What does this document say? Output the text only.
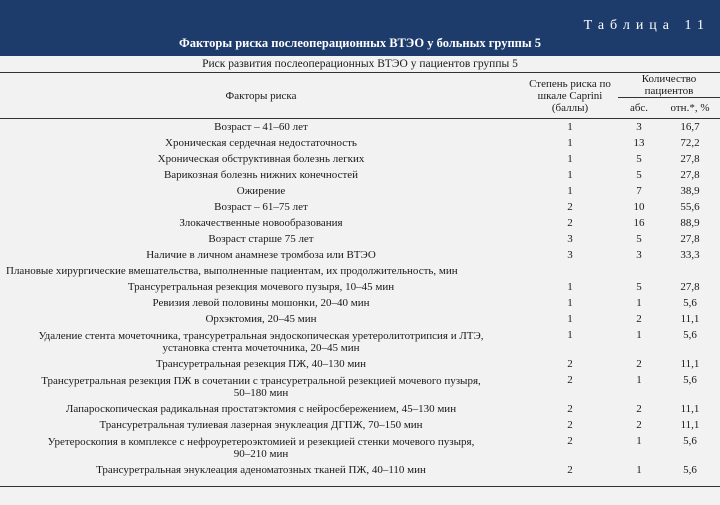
Таблица 11
Факторы риска послеоперационных ВТЭО у больных группы 5
Риск развития послеоперационных ВТЭО у пациентов группы 5
Факторы риска	Степень риска по шкале Caprini (баллы)	Количество пациентов	
		абс.	отн.*, %
Возраст – 41–60 лет	1	3	16,7
Хроническая сердечная недостаточность	1	13	72,2
Хроническая обструктивная болезнь легких	1	5	27,8
Варикозная болезнь нижних конечностей	1	5	27,8
Ожирение	1	7	38,9
Возраст – 61–75 лет	2	10	55,6
Злокачественные новообразования	2	16	88,9
Возраст старше 75 лет	3	5	27,8
Наличие в личном анамнезе тромбоза или ВТЭО	3	3	33,3
Плановые хирургические вмешательства, выполненные пациентам, их продолжительность, мин			

Трансуретральная резекция мочевого пузыря, 10–45 мин	1	5	27,8

Ревизия левой половины мошонки, 20–40 мин	1	1	5,6

Орхэктомия, 20–45 мин	1	2	11,1

Удаление стента мочеточника, трансуретральная эндоскопическая уретеролитотрипсия и ЛТЭ,
установка стента мочеточника, 20–45 мин	1	1	5,6

Трансуретральная резекция ПЖ, 40–130 мин	2	2	11,1

Трансуретральная резекция ПЖ в сочетании с трансуретральной резекцией мочевого пузыря,
50–180 мин	2	1	5,6

Лапароскопическая радикальная простатэктомия с нейросбережением, 45–130 мин	2	2	11,1

Трансуретральная тулиевая лазерная энуклеация ДГПЖ, 70–150 мин	2	2	11,1

Уретероскопия в комплексе с нефроуретероэктомией и резекцией стенки мочевого пузыря,
90–210 мин	2	1	5,6

Трансуретральная энуклеация аденоматозных тканей ПЖ, 40–110 мин	2	1	5,6
